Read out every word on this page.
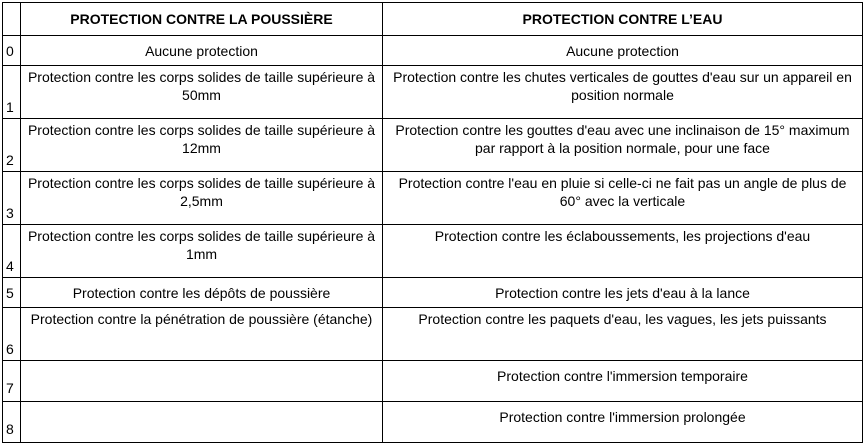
	PROTECTION CONTRE LA POUSSIÈRE	PROTECTION CONTRE L’EAU
0	Aucune protection	Aucune protection
1	Protection contre les corps solides de taille supérieure à 50mm	Protection contre les chutes verticales de gouttes d'eau sur un appareil en position normale
2	Protection contre les corps solides de taille supérieure à 12mm	Protection contre les gouttes d'eau avec une inclinaison de 15° maximum par rapport à la position normale, pour une face
3	Protection contre les corps solides de taille supérieure à 2,5mm	Protection contre l'eau en pluie si celle-ci ne fait pas un angle de plus de 60° avec la verticale
4	Protection contre les corps solides de taille supérieure à 1mm	Protection contre les éclaboussements, les projections d'eau
5	Protection contre les dépôts de poussière	Protection contre les jets d'eau à la lance
6	Protection contre la pénétration de poussière (étanche)	Protection contre les paquets d'eau, les vagues, les jets puissants
7		Protection contre l'immersion temporaire
8		Protection contre l'immersion prolongée
